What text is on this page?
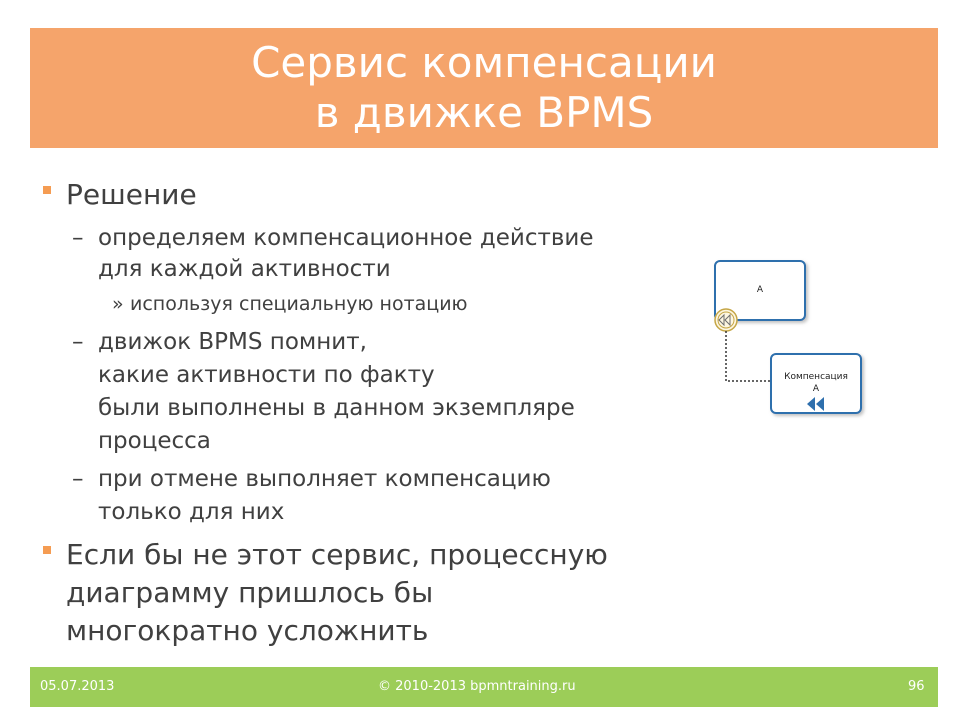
Сервис компенсации
в движке BPMS
Решение
– определяем компенсационное действие
для каждой активности
» используя специальную нотацию
– движок BPMS помнит,
какие активности по факту
были выполнены в данном экземпляре
процесса
– при отмене выполняет компенсацию
только для них
Если бы не этот сервис, процессную
диаграмму пришлось бы
многократно усложнить
A
Компенсация
A
05.07.2013	© 2010-2013 bpmntraining.ru	96
